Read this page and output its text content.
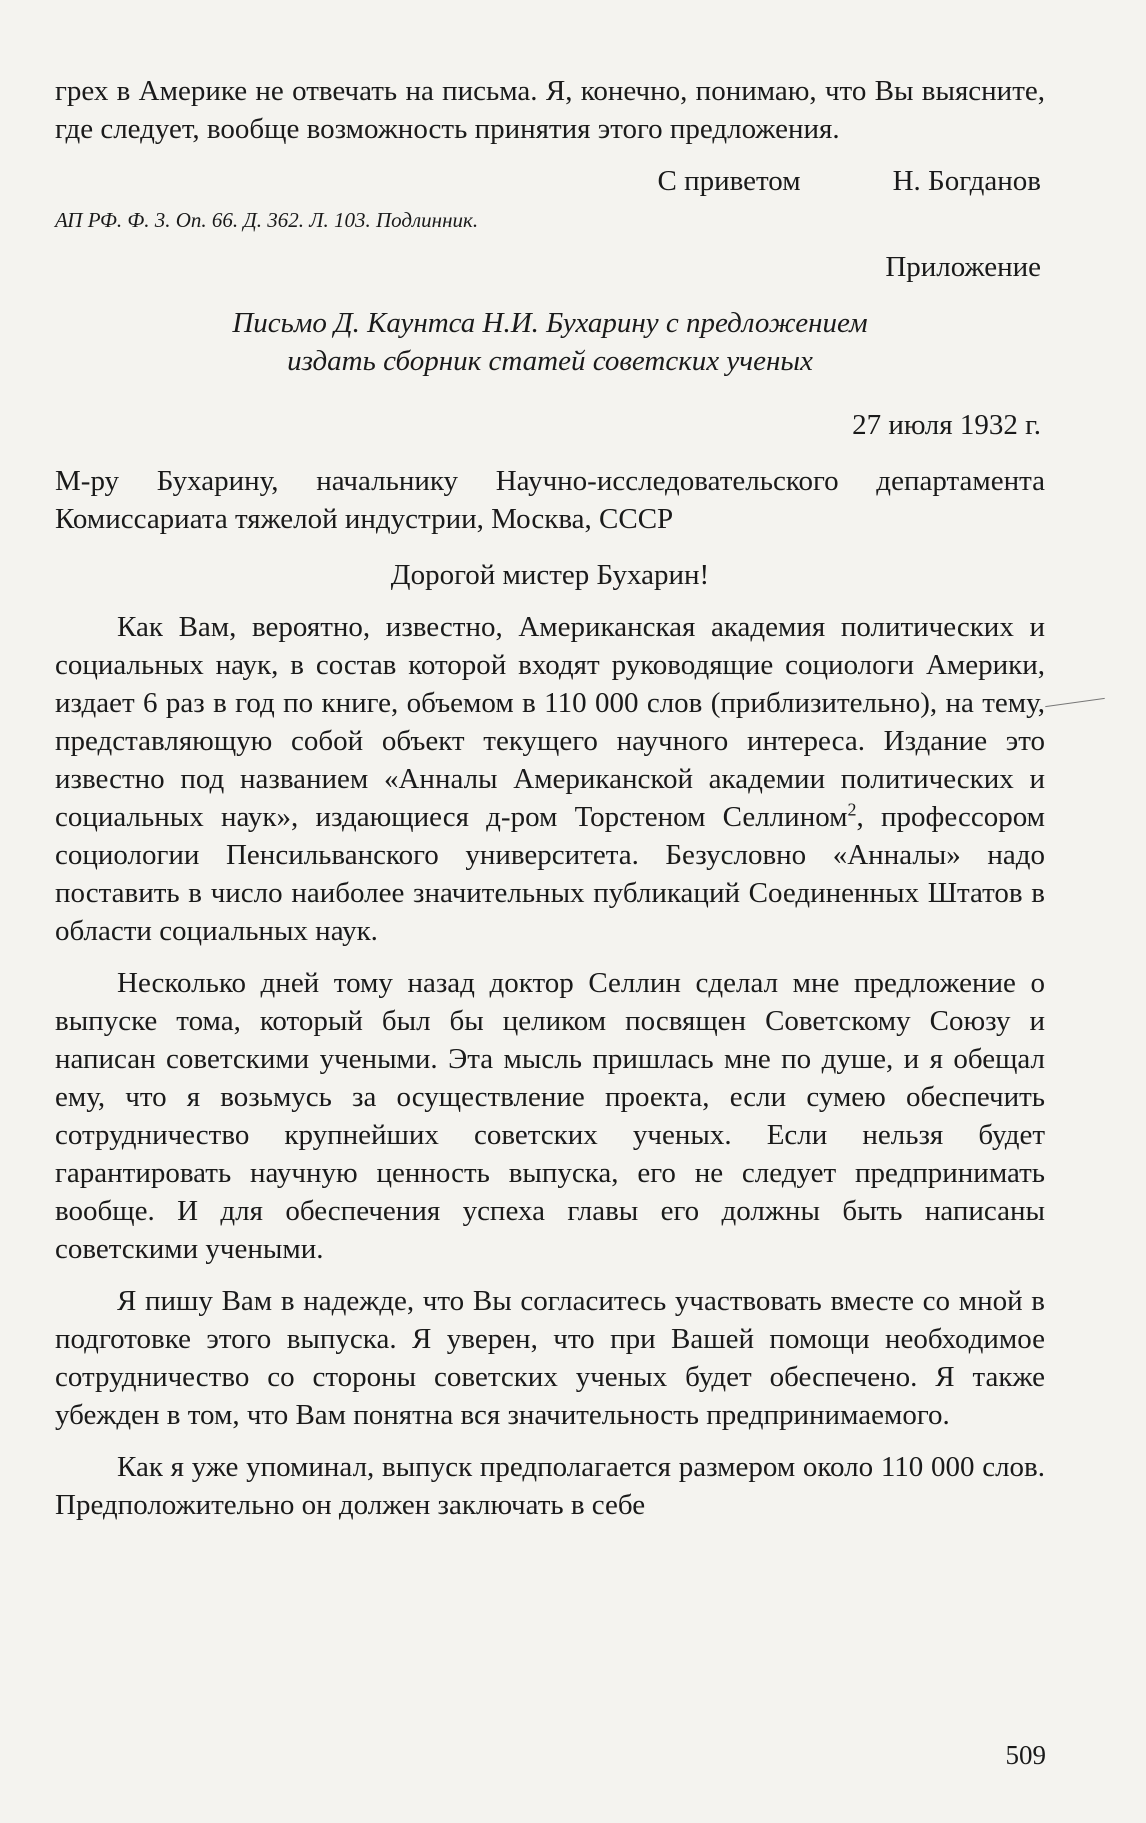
грех в Америке не отвечать на письма. Я, конечно, понимаю, что Вы выясните, где следует, вообще возможность принятия этого предложения.

С приветом	Н. Богданов

АП РФ. Ф. 3. Оп. 66. Д. 362. Л. 103. Подлинник.

Приложение

Письмо Д. Каунтса Н.И. Бухарину с предложением
издать сборник статей советских ученых

27 июля 1932 г.

М-ру Бухарину, начальнику Научно-исследовательского департамента Комиссариата тяжелой индустрии, Москва, СССР

Дорогой мистер Бухарин!

Как Вам, вероятно, известно, Американская академия политических и социальных наук, в состав которой входят руководящие социологи Америки, издает 6 раз в год по книге, объемом в 110 000 слов (приблизительно), на тему, представляющую собой объект текущего научного интереса. Издание это известно под названием «Анналы Американской академии политических и социальных наук», издающиеся д-ром Торстеном Селлином$^2$, профессором социологии Пенсильванского университета. Безусловно «Анналы» надо поставить в число наиболее значительных публикаций Соединенных Штатов в области социальных наук.

Несколько дней тому назад доктор Селлин сделал мне предложение о выпуске тома, который был бы целиком посвящен Советскому Союзу и написан советскими учеными. Эта мысль пришлась мне по душе, и я обещал ему, что я возьмусь за осуществление проекта, если сумею обеспечить сотрудничество крупнейших советских ученых. Если нельзя будет гарантировать научную ценность выпуска, его не следует предпринимать вообще. И для обеспечения успеха главы его должны быть написаны советскими учеными.

Я пишу Вам в надежде, что Вы согласитесь участвовать вместе со мной в подготовке этого выпуска. Я уверен, что при Вашей помощи необходимое сотрудничество со стороны советских ученых будет обеспечено. Я также убежден в том, что Вам понятна вся значительность предпринимаемого.

Как я уже упоминал, выпуск предполагается размером около 110 000 слов. Предположительно он должен заключать в себе

509
